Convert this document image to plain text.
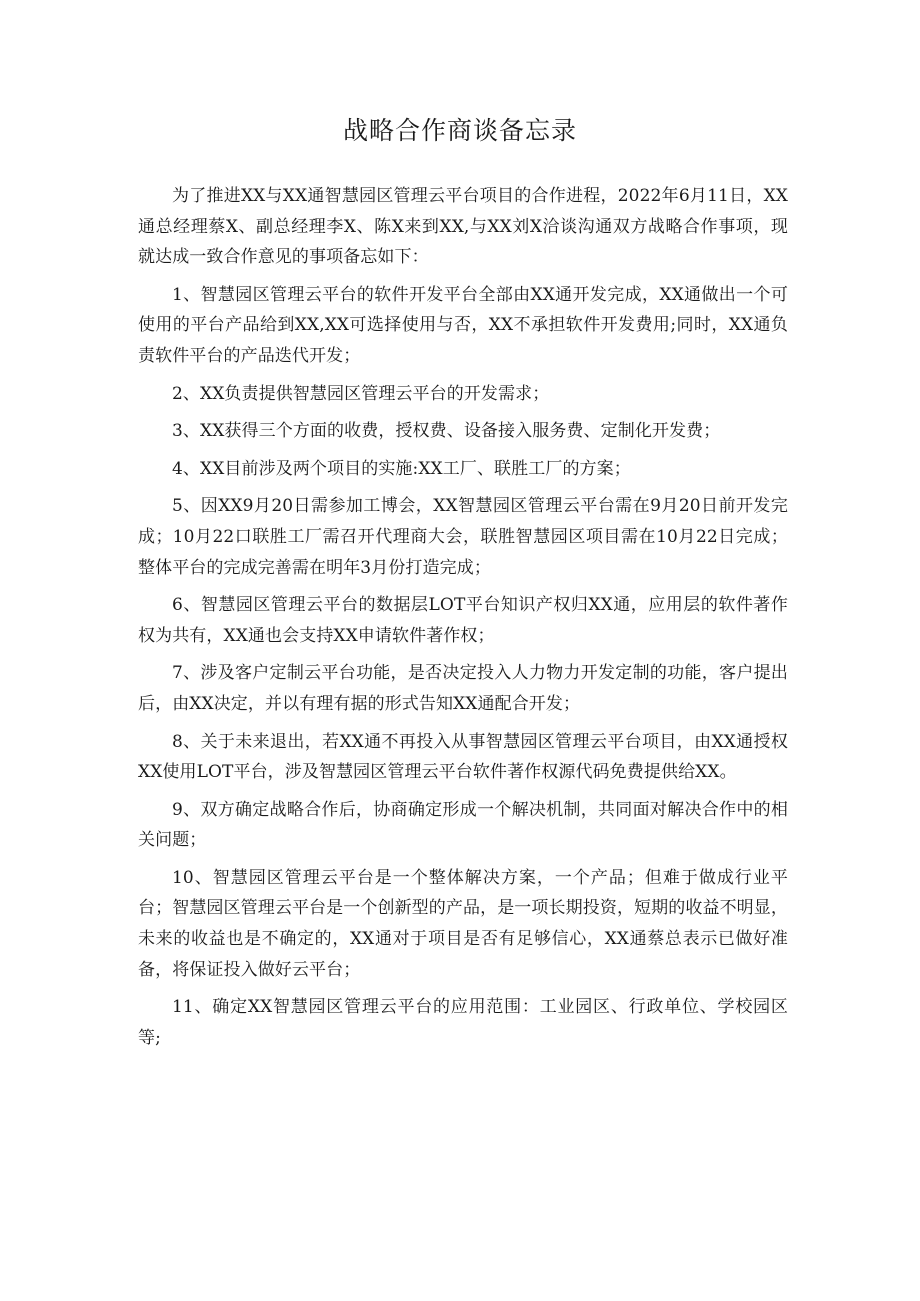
战略合作商谈备忘录

为了推进XX与XX通智慧园区管理云平台项目的合作进程，2022年6月11日，XX通总经理蔡X、副总经理李X、陈X来到XX,与XX刘X洽谈沟通双方战略合作事项，现就达成一致合作意见的事项备忘如下：

1、智慧园区管理云平台的软件开发平台全部由XX通开发完成，XX通做出一个可使用的平台产品给到XX,XX可选择使用与否，XX不承担软件开发费用;同时，XX通负责软件平台的产品迭代开发；

2、XX负责提供智慧园区管理云平台的开发需求；

3、XX获得三个方面的收费，授权费、设备接入服务费、定制化开发费；

4、XX目前涉及两个项目的实施:XX工厂、联胜工厂的方案；

5、因XX9月20日需参加工博会，XX智慧园区管理云平台需在9月20日前开发完成；10月22口联胜工厂需召开代理商大会，联胜智慧园区项目需在10月22日完成；整体平台的完成完善需在明年3月份打造完成；

6、智慧园区管理云平台的数据层LOT平台知识产权归XX通，应用层的软件著作权为共有，XX通也会支持XX申请软件著作权；

7、涉及客户定制云平台功能，是否决定投入人力物力开发定制的功能，客户提出后，由XX决定，并以有理有据的形式告知XX通配合开发；

8、关于未来退出，若XX通不再投入从事智慧园区管理云平台项目，由XX通授权XX使用LOT平台，涉及智慧园区管理云平台软件著作权源代码免费提供给XX。

9、双方确定战略合作后，协商确定形成一个解决机制，共同面对解决合作中的相关问题；

10、智慧园区管理云平台是一个整体解决方案，一个产品；但难于做成行业平台；智慧园区管理云平台是一个创新型的产品，是一项长期投资，短期的收益不明显，未来的收益也是不确定的，XX通对于项目是否有足够信心，XX通蔡总表示已做好准备，将保证投入做好云平台；

11、确定XX智慧园区管理云平台的应用范围：工业园区、行政单位、学校园区等;
